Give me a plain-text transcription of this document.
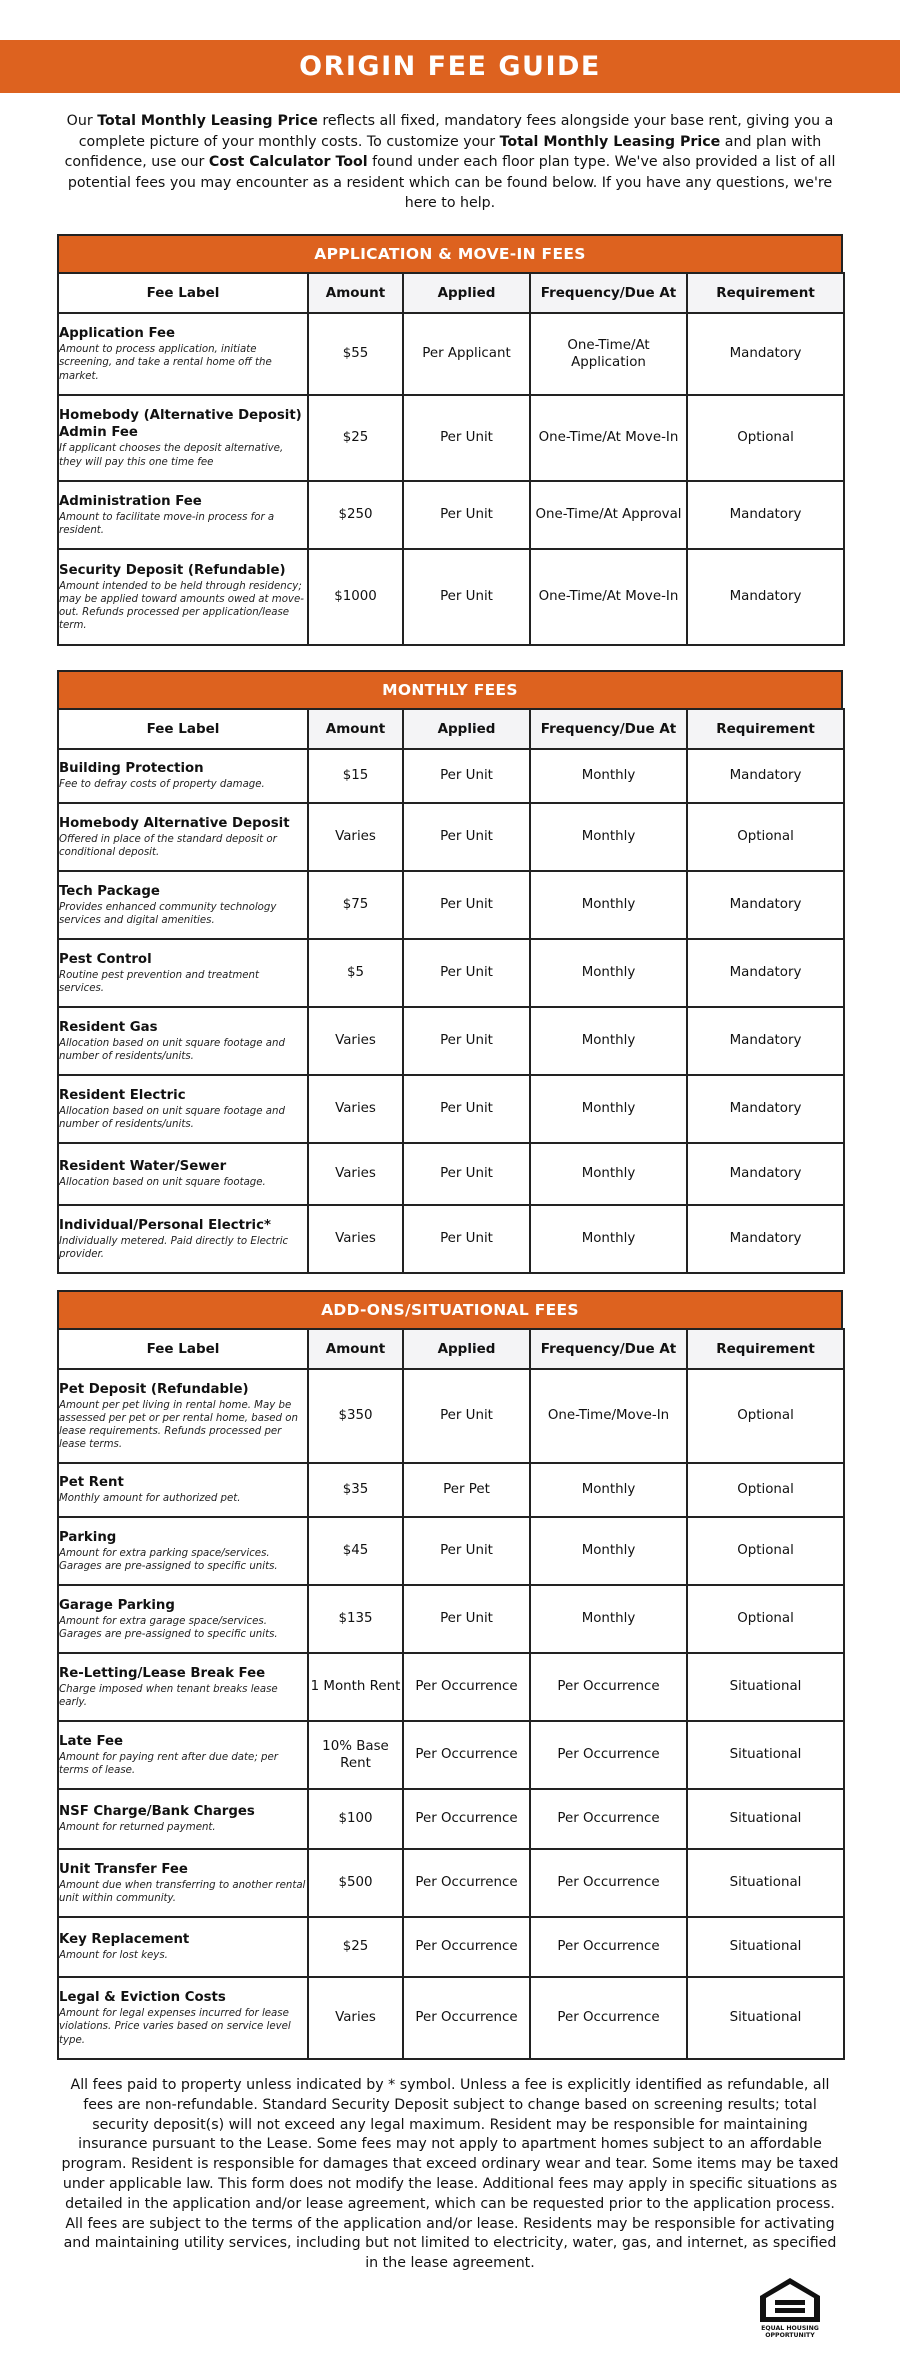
ORIGIN FEE GUIDE
Our Total Monthly Leasing Price reflects all fixed, mandatory fees alongside your base rent, giving you a complete picture of your monthly costs. To customize your Total Monthly Leasing Price and plan with confidence, use our Cost Calculator Tool found under each floor plan type. We've also provided a list of all potential fees you may encounter as a resident which can be found below. If you have any questions, we're here to help.
APPLICATION & MOVE-IN FEES
Fee Label	Amount	Applied	Frequency/Due At	Requirement

Application Fee
Amount to process application, initiate screening, and take a rental home off the market.	$55	Per Applicant	One-Time/At Application	Mandatory

Homebody (Alternative Deposit) Admin Fee
If applicant chooses the deposit alternative, they will pay this one time fee	$25	Per Unit	One-Time/At Move-In	Optional

Administration Fee
Amount to facilitate move-in process for a resident.	$250	Per Unit	One-Time/At Approval	Mandatory

Security Deposit (Refundable)
Amount intended to be held through residency; may be applied toward amounts owed at move-out. Refunds processed per application/lease term.	$1000	Per Unit	One-Time/At Move-In	Mandatory
MONTHLY FEES
Fee Label	Amount	Applied	Frequency/Due At	Requirement

Building Protection
Fee to defray costs of property damage.	$15	Per Unit	Monthly	Mandatory

Homebody Alternative Deposit
Offered in place of the standard deposit or conditional deposit.	Varies	Per Unit	Monthly	Optional

Tech Package
Provides enhanced community technology services and digital amenities.	$75	Per Unit	Monthly	Mandatory

Pest Control
Routine pest prevention and treatment services.	$5	Per Unit	Monthly	Mandatory

Resident Gas
Allocation based on unit square footage and number of residents/units.	Varies	Per Unit	Monthly	Mandatory

Resident Electric
Allocation based on unit square footage and number of residents/units.	Varies	Per Unit	Monthly	Mandatory

Resident Water/Sewer
Allocation based on unit square footage.	Varies	Per Unit	Monthly	Mandatory

Individual/Personal Electric*
Individually metered. Paid directly to Electric provider.	Varies	Per Unit	Monthly	Mandatory
ADD-ONS/SITUATIONAL FEES
Fee Label	Amount	Applied	Frequency/Due At	Requirement

Pet Deposit (Refundable)
Amount per pet living in rental home. May be assessed per pet or per rental home, based on lease requirements. Refunds processed per lease terms.	$350	Per Unit	One-Time/Move-In	Optional

Pet Rent
Monthly amount for authorized pet.	$35	Per Pet	Monthly	Optional

Parking
Amount for extra parking space/services. Garages are pre-assigned to specific units.	$45	Per Unit	Monthly	Optional

Garage Parking
Amount for extra garage space/services. Garages are pre-assigned to specific units.	$135	Per Unit	Monthly	Optional

Re-Letting/Lease Break Fee
Charge imposed when tenant breaks lease early.	1 Month Rent	Per Occurrence	Per Occurrence	Situational

Late Fee
Amount for paying rent after due date; per terms of lease.	10% Base Rent	Per Occurrence	Per Occurrence	Situational

NSF Charge/Bank Charges
Amount for returned payment.	$100	Per Occurrence	Per Occurrence	Situational

Unit Transfer Fee
Amount due when transferring to another rental unit within community.	$500	Per Occurrence	Per Occurrence	Situational

Key Replacement
Amount for lost keys.	$25	Per Occurrence	Per Occurrence	Situational

Legal & Eviction Costs
Amount for legal expenses incurred for lease violations. Price varies based on service level type.	Varies	Per Occurrence	Per Occurrence	Situational
All fees paid to property unless indicated by * symbol. Unless a fee is explicitly identified as refundable, all fees are non-refundable. Standard Security Deposit subject to change based on screening results; total security deposit(s) will not exceed any legal maximum. Resident may be responsible for maintaining insurance pursuant to the Lease. Some fees may not apply to apartment homes subject to an affordable program. Resident is responsible for damages that exceed ordinary wear and tear. Some items may be taxed under applicable law. This form does not modify the lease. Additional fees may apply in specific situations as detailed in the application and/or lease agreement, which can be requested prior to the application process. All fees are subject to the terms of the application and/or lease. Residents may be responsible for activating and maintaining utility services, including but not limited to electricity, water, gas, and internet, as specified in the lease agreement.
EQUAL HOUSING
OPPORTUNITY
